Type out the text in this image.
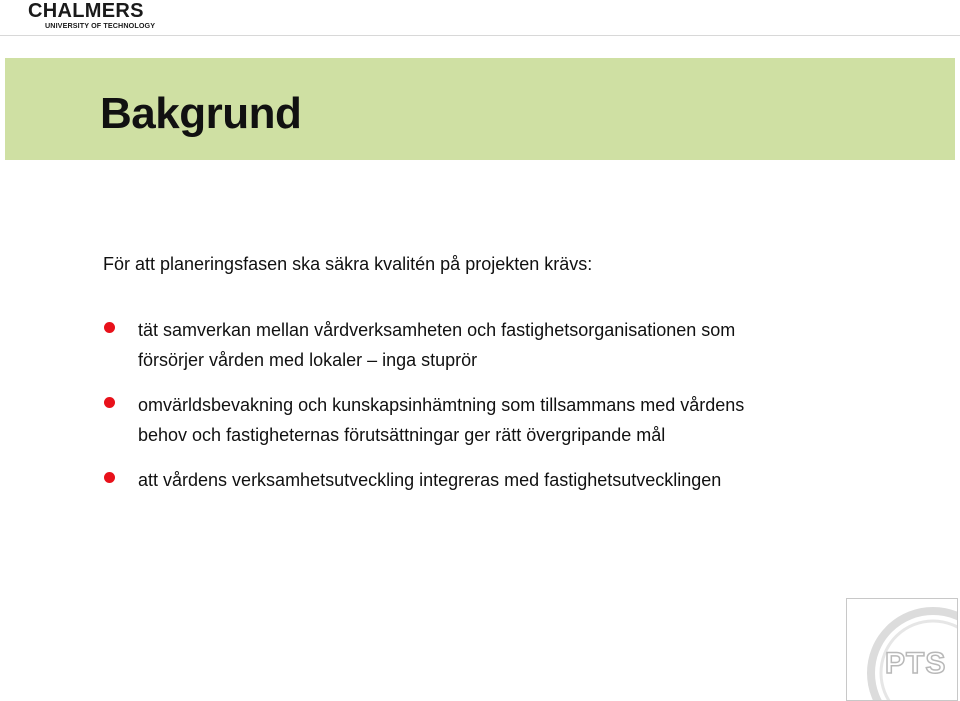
CHALMERS
UNIVERSITY OF TECHNOLOGY
Bakgrund

För att planeringsfasen ska säkra kvalitén på projekten krävs:

tät samverkan mellan vårdverksamheten och fastighetsorganisationen som försörjer vården med lokaler – inga stuprör
omvärldsbevakning och kunskapsinhämtning som tillsammans med vårdens behov och fastigheternas förutsättningar ger rätt övergripande mål
att vårdens verksamhetsutveckling integreras med fastighetsutvecklingen
PTS
